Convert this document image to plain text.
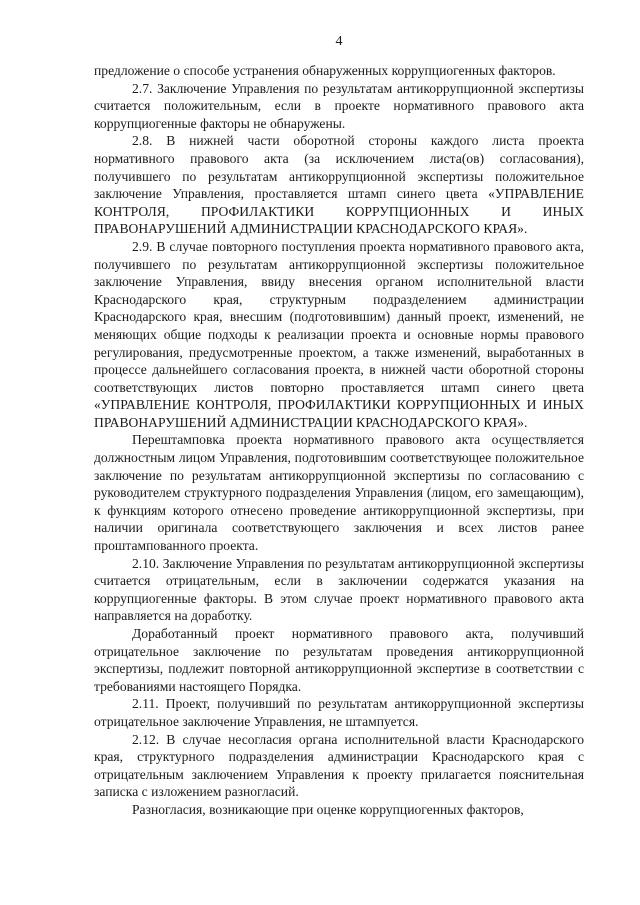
4

предложение о способе устранения обнаруженных коррупциогенных факторов.

2.7. Заключение Управления по результатам антикоррупционной экспертизы считается положительным, если в проекте нормативного правового акта коррупциогенные факторы не обнаружены.

2.8. В нижней части оборотной стороны каждого листа проекта нормативного правового акта (за исключением листа(ов) согласования), получившего по результатам антикоррупционной экспертизы положительное заключение Управления, проставляется штамп синего цвета «УПРАВЛЕНИЕ КОНТРОЛЯ, ПРОФИЛАКТИКИ КОРРУПЦИОННЫХ И ИНЫХ ПРАВОНАРУШЕНИЙ АДМИНИСТРАЦИИ КРАСНОДАРСКОГО КРАЯ».

2.9. В случае повторного поступления проекта нормативного правового акта, получившего по результатам антикоррупционной экспертизы положительное заключение Управления, ввиду внесения органом исполнительной власти Краснодарского края, структурным подразделением администрации Краснодарского края, внесшим (подготовившим) данный проект, изменений, не меняющих общие подходы к реализации проекта и основные нормы правового регулирования, предусмотренные проектом, а также изменений, выработанных в процессе дальнейшего согласования проекта, в нижней части оборотной стороны соответствующих листов повторно проставляется штамп синего цвета «УПРАВЛЕНИЕ КОНТРОЛЯ, ПРОФИЛАКТИКИ КОРРУПЦИОННЫХ И ИНЫХ ПРАВОНАРУШЕНИЙ АДМИНИСТРАЦИИ КРАСНОДАРСКОГО КРАЯ».

Перештамповка проекта нормативного правового акта осуществляется должностным лицом Управления, подготовившим соответствующее положительное заключение по результатам антикоррупционной экспертизы по согласованию с руководителем структурного подразделения Управления (лицом, его замещающим), к функциям которого отнесено проведение антикоррупционной экспертизы, при наличии оригинала соответствующего заключения и всех листов ранее проштампованного проекта.

2.10. Заключение Управления по результатам антикоррупционной экспертизы считается отрицательным, если в заключении содержатся указания на коррупциогенные факторы. В этом случае проект нормативного правового акта направляется на доработку.

Доработанный проект нормативного правового акта, получивший отрицательное заключение по результатам проведения антикоррупционной экспертизы, подлежит повторной антикоррупционной экспертизе в соответствии с требованиями настоящего Порядка.

2.11. Проект, получивший по результатам антикоррупционной экспертизы отрицательное заключение Управления, не штампуется.

2.12. В случае несогласия органа исполнительной власти Краснодарского края, структурного подразделения администрации Краснодарского края с отрицательным заключением Управления к проекту прилагается пояснительная записка с изложением разногласий.

Разногласия, возникающие при оценке коррупциогенных факторов,
